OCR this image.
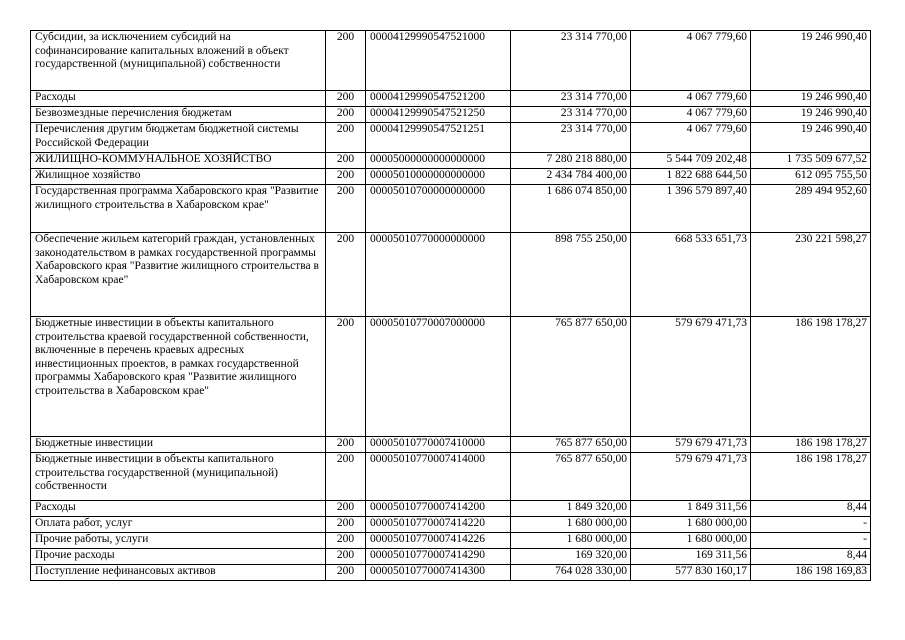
Субсидии, за исключением субсидий на софинансирование капитальных вложений в объект государственной (муниципальной) собственности	200	00004129990547521000	23 314 770,00	4 067 779,60	19 246 990,40
Расходы	200	00004129990547521200	23 314 770,00	4 067 779,60	19 246 990,40
Безвозмездные перечисления бюджетам	200	00004129990547521250	23 314 770,00	4 067 779,60	19 246 990,40
Перечисления другим бюджетам бюджетной системы Российской Федерации	200	00004129990547521251	23 314 770,00	4 067 779,60	19 246 990,40
ЖИЛИЩНО-КОММУНАЛЬНОЕ ХОЗЯЙСТВО	200	00005000000000000000	7 280 218 880,00	5 544 709 202,48	1 735 509 677,52
Жилищное хозяйство	200	00005010000000000000	2 434 784 400,00	1 822 688 644,50	612 095 755,50
Государственная программа Хабаровского края "Развитие жилищного строительства в Хабаровском крае"	200	00005010700000000000	1 686 074 850,00	1 396 579 897,40	289 494 952,60
Обеспечение жильем категорий граждан, установленных законодательством в рамках государственной программы Хабаровского края "Развитие жилищного строительства в Хабаровском крае"	200	00005010770000000000	898 755 250,00	668 533 651,73	230 221 598,27
Бюджетные инвестиции в объекты капитального строительства краевой государственной собственности, включенные в перечень краевых адресных инвестиционных проектов, в рамках государственной программы Хабаровского края "Развитие жилищного строительства в Хабаровском крае"	200	00005010770007000000	765 877 650,00	579 679 471,73	186 198 178,27
Бюджетные инвестиции	200	00005010770007410000	765 877 650,00	579 679 471,73	186 198 178,27
Бюджетные инвестиции в объекты капитального строительства государственной (муниципальной) собственности	200	00005010770007414000	765 877 650,00	579 679 471,73	186 198 178,27
Расходы	200	00005010770007414200	1 849 320,00	1 849 311,56	8,44
Оплата работ, услуг	200	00005010770007414220	1 680 000,00	1 680 000,00	-
Прочие работы, услуги	200	00005010770007414226	1 680 000,00	1 680 000,00	-
Прочие расходы	200	00005010770007414290	169 320,00	169 311,56	8,44
Поступление нефинансовых активов	200	00005010770007414300	764 028 330,00	577 830 160,17	186 198 169,83
